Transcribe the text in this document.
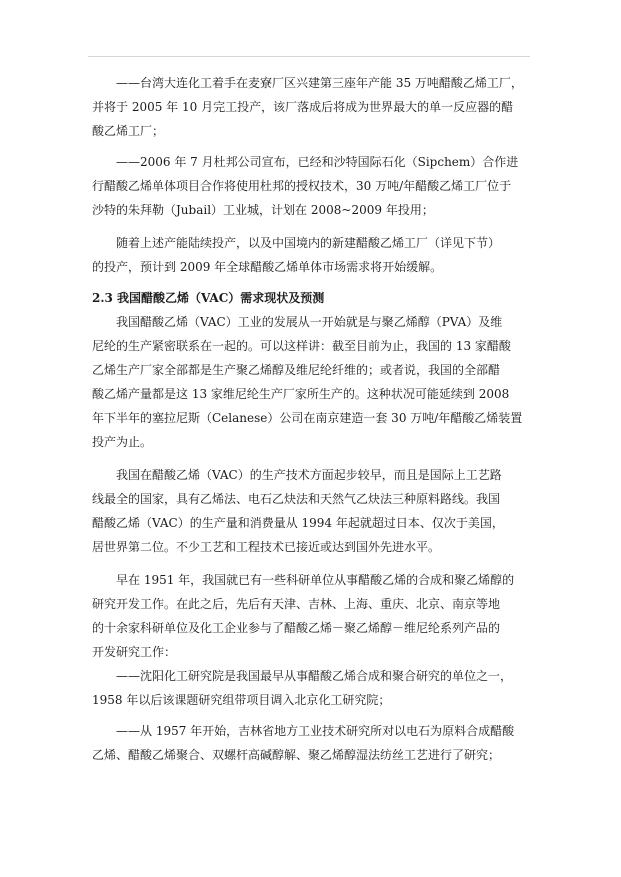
——台湾大连化工着手在麦寮厂区兴建第三座年产能 35 万吨醋酸乙烯工厂，
并将于 2005 年 10 月完工投产，该厂落成后将成为世界最大的单一反应器的醋
酸乙烯工厂；

——2006 年 7 月杜邦公司宣布，已经和沙特国际石化（Sipchem）合作进
行醋酸乙烯单体项目合作将使用杜邦的授权技术，30 万吨/年醋酸乙烯工厂位于
沙特的朱拜勒（Jubail）工业城，计划在 2008~2009 年投用；

随着上述产能陆续投产，以及中国境内的新建醋酸乙烯工厂（详见下节）
的投产，预计到 2009 年全球醋酸乙烯单体市场需求将开始缓解。

2.3 我国醋酸乙烯（VAC）需求现状及预测

我国醋酸乙烯（VAC）工业的发展从一开始就是与聚乙烯醇（PVA）及维
尼纶的生产紧密联系在一起的。可以这样讲：截至目前为止，我国的 13 家醋酸
乙烯生产厂家全部都是生产聚乙烯醇及维尼纶纤维的；或者说，我国的全部醋
酸乙烯产量都是这 13 家维尼纶生产厂家所生产的。这种状况可能延续到 2008
年下半年的塞拉尼斯（Celanese）公司在南京建造一套 30 万吨/年醋酸乙烯装置
投产为止。

我国在醋酸乙烯（VAC）的生产技术方面起步较早，而且是国际上工艺路
线最全的国家，具有乙烯法、电石乙炔法和天然气乙炔法三种原料路线。我国
醋酸乙烯（VAC）的生产量和消费量从 1994 年起就超过日本、仅次于美国，
居世界第二位。不少工艺和工程技术已接近或达到国外先进水平。

早在 1951 年，我国就已有一些科研单位从事醋酸乙烯的合成和聚乙烯醇的
研究开发工作。在此之后，先后有天津、吉林、上海、重庆、北京、南京等地
的十余家科研单位及化工企业参与了醋酸乙烯－聚乙烯醇－维尼纶系列产品的
开发研究工作：

——沈阳化工研究院是我国最早从事醋酸乙烯合成和聚合研究的单位之一，
1958 年以后该课题研究组带项目调入北京化工研究院；

——从 1957 年开始，吉林省地方工业技术研究所对以电石为原料合成醋酸
乙烯、醋酸乙烯聚合、双螺杆高碱醇解、聚乙烯醇湿法纺丝工艺进行了研究；
